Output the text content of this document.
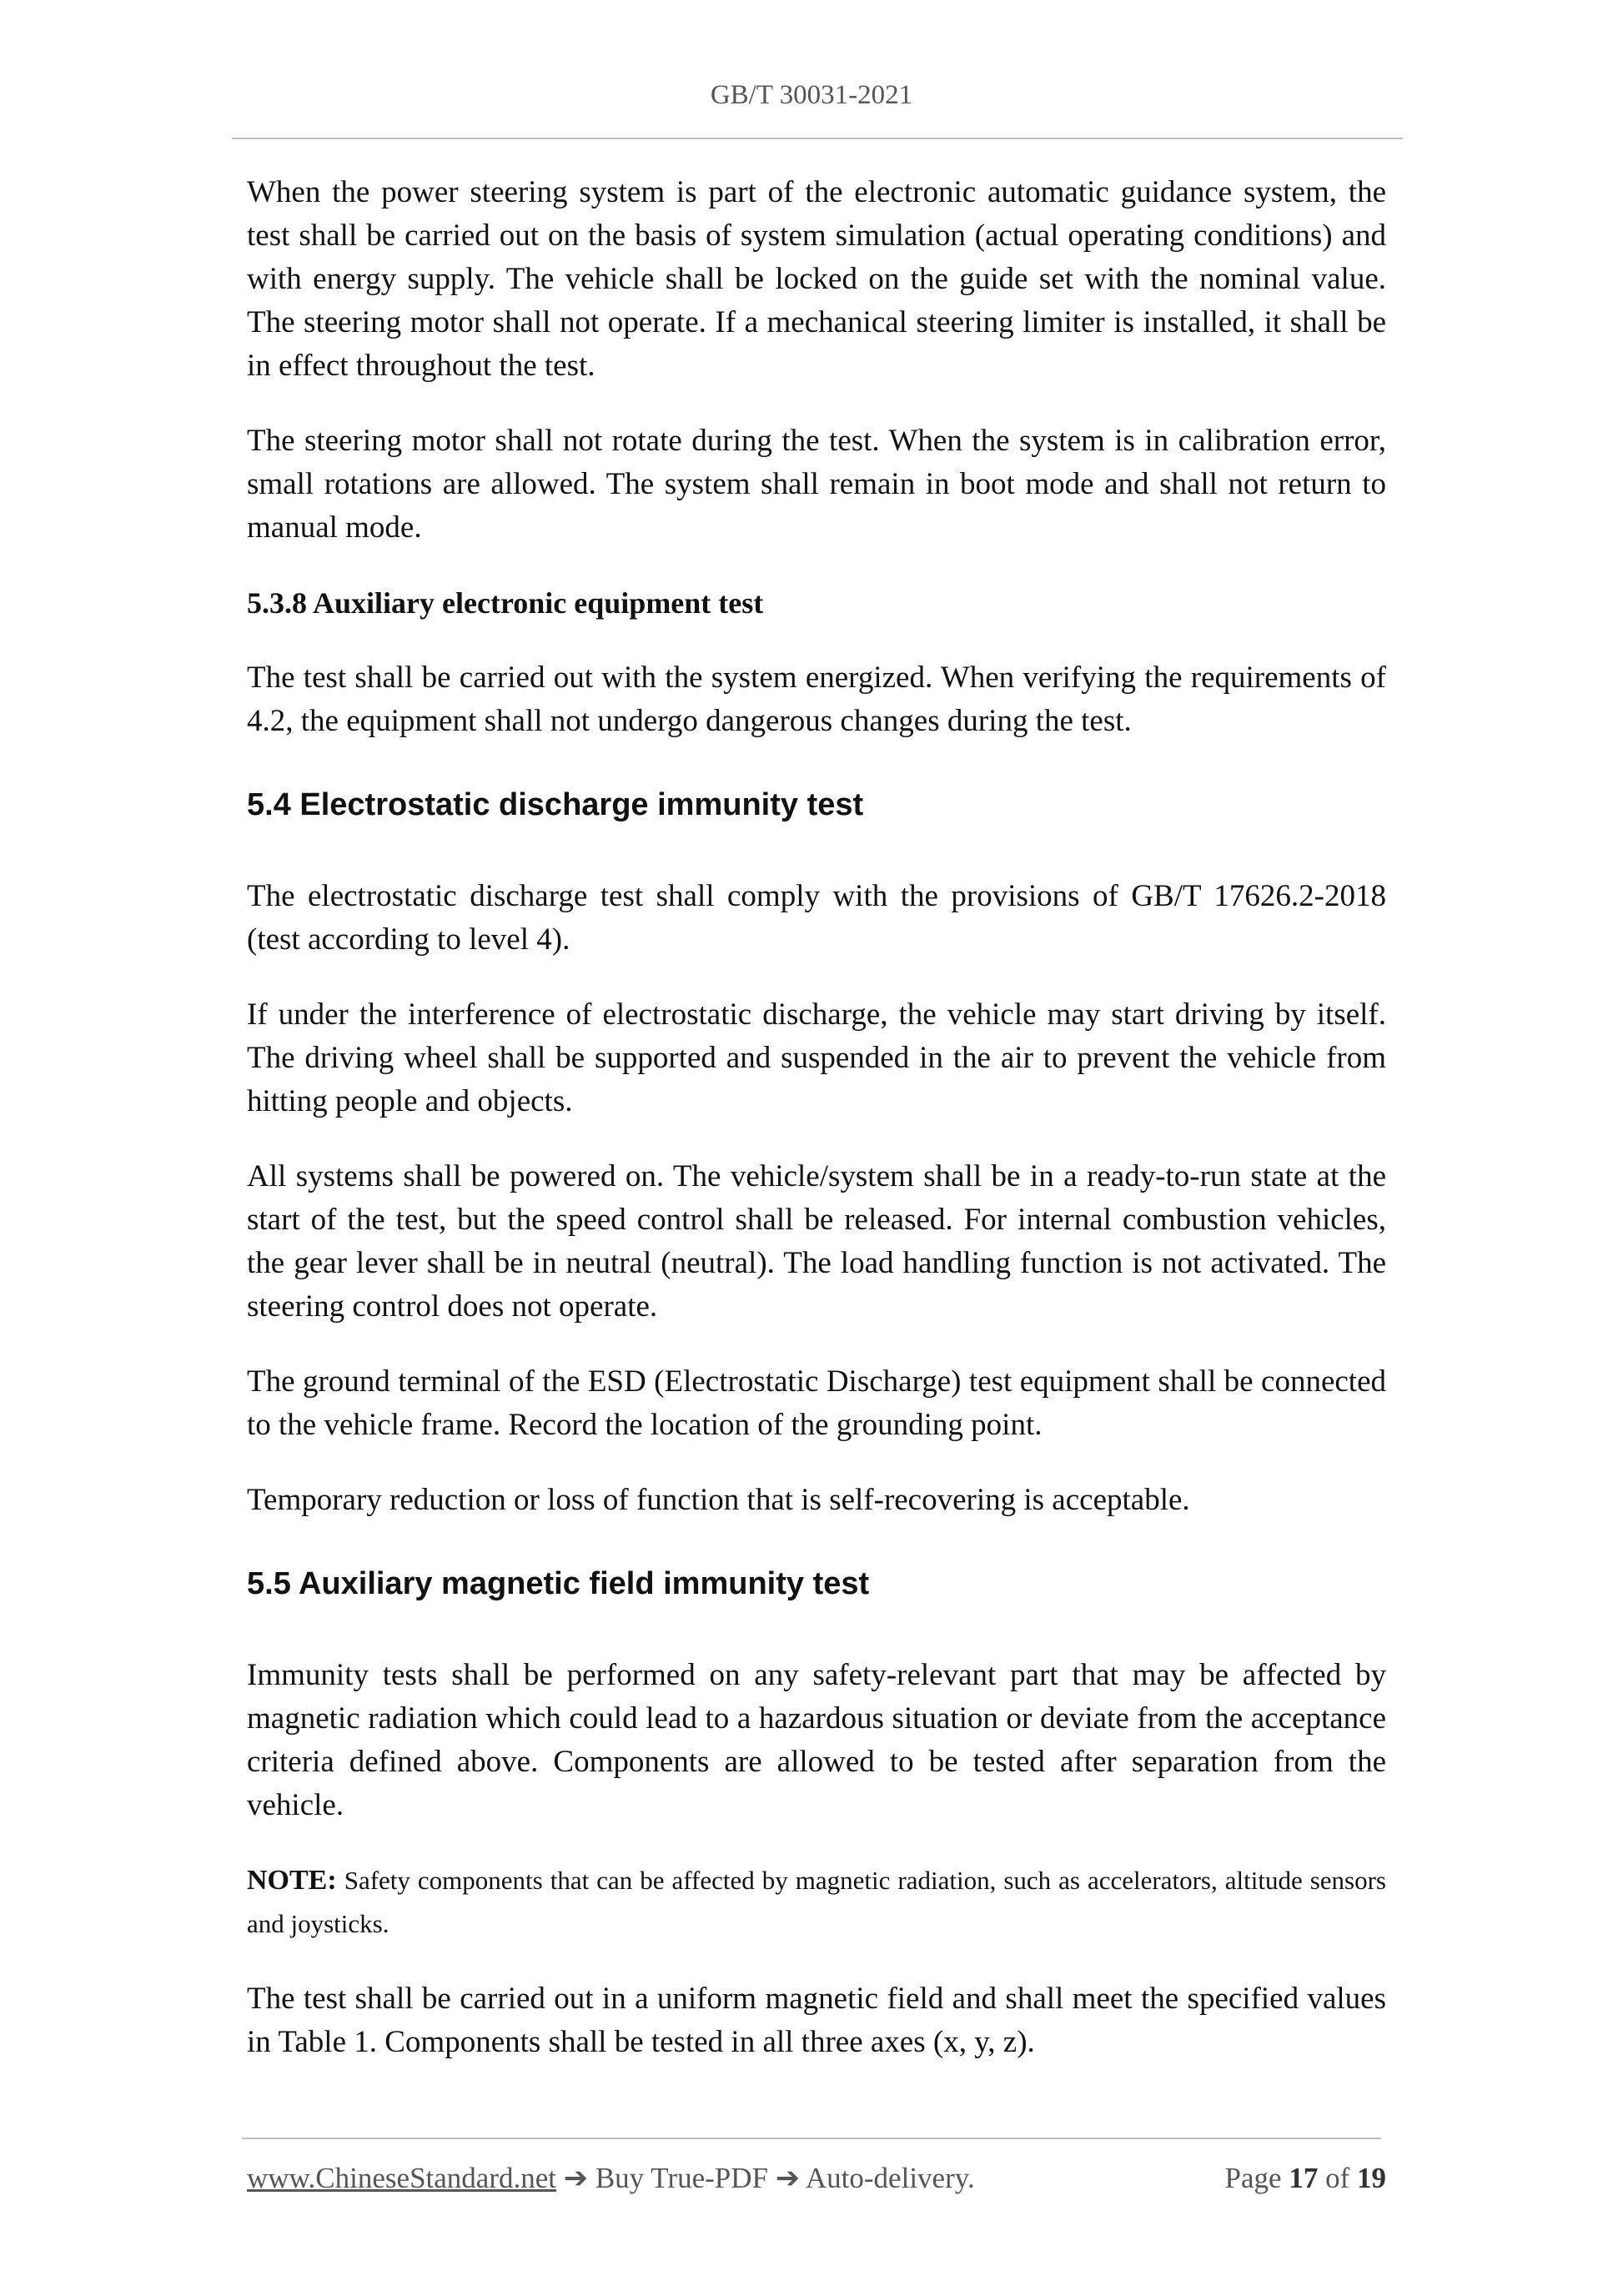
GB/T 30031-2021

When the power steering system is part of the electronic automatic guidance system, the test shall be carried out on the basis of system simulation (actual operating conditions) and with energy supply. The vehicle shall be locked on the guide set with the nominal value. The steering motor shall not operate. If a mechanical steering limiter is installed, it shall be in effect throughout the test.

The steering motor shall not rotate during the test. When the system is in calibration error, small rotations are allowed. The system shall remain in boot mode and shall not return to manual mode.

5.3.8 Auxiliary electronic equipment test

The test shall be carried out with the system energized. When verifying the requirements of 4.2, the equipment shall not undergo dangerous changes during the test.

5.4 Electrostatic discharge immunity test

The electrostatic discharge test shall comply with the provisions of GB/T 17626.2-2018 (test according to level 4).

If under the interference of electrostatic discharge, the vehicle may start driving by itself. The driving wheel shall be supported and suspended in the air to prevent the vehicle from hitting people and objects.

All systems shall be powered on. The vehicle/system shall be in a ready-to-run state at the start of the test, but the speed control shall be released. For internal combustion vehicles, the gear lever shall be in neutral (neutral). The load handling function is not activated. The steering control does not operate.

The ground terminal of the ESD (Electrostatic Discharge) test equipment shall be connected to the vehicle frame. Record the location of the grounding point.

Temporary reduction or loss of function that is self-recovering is acceptable.

5.5 Auxiliary magnetic field immunity test

Immunity tests shall be performed on any safety-relevant part that may be affected by magnetic radiation which could lead to a hazardous situation or deviate from the acceptance criteria defined above. Components are allowed to be tested after separation from the vehicle.

NOTE: Safety components that can be affected by magnetic radiation, such as accelerators, altitude sensors and joysticks.

The test shall be carried out in a uniform magnetic field and shall meet the specified values in Table 1. Components shall be tested in all three axes (x, y, z).

www.ChineseStandard.net ➔ Buy True-PDF ➔ Auto-delivery.	Page 17 of 19
